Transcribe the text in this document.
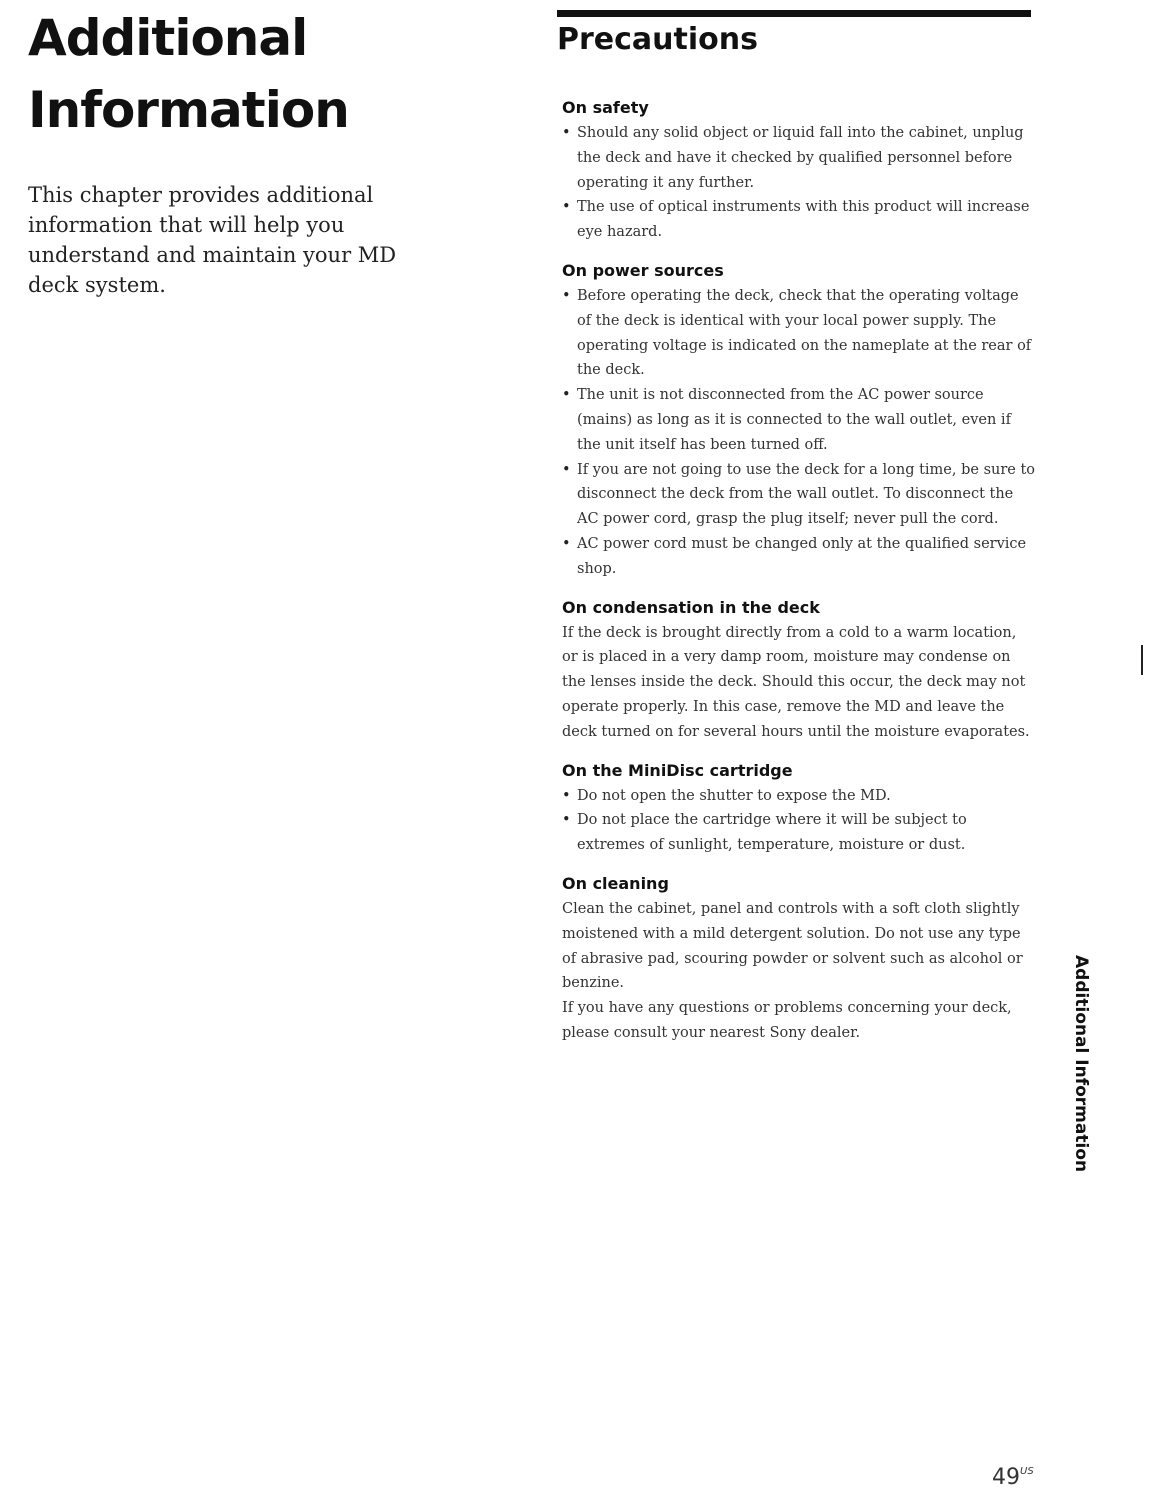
Additional
Information

This chapter provides additional information that will help you understand and maintain your MD deck system.

Precautions
On safety
• Should any solid object or liquid fall into the cabinet, unplug the deck and have it checked by qualified personnel before operating it any further.
• The use of optical instruments with this product will increase eye hazard.
On power sources
• Before operating the deck, check that the operating voltage of the deck is identical with your local power supply. The operating voltage is indicated on the nameplate at the rear of the deck.
• The unit is not disconnected from the AC power source (mains) as long as it is connected to the wall outlet, even if the unit itself has been turned off.
• If you are not going to use the deck for a long time, be sure to disconnect the deck from the wall outlet. To disconnect the AC power cord, grasp the plug itself; never pull the cord.
• AC power cord must be changed only at the qualified service shop.
On condensation in the deck

If the deck is brought directly from a cold to a warm location, or is placed in a very damp room, moisture may condense on the lenses inside the deck. Should this occur, the deck may not operate properly. In this case, remove the MD and leave the deck turned on for several hours until the moisture evaporates.

On the MiniDisc cartridge
• Do not open the shutter to expose the MD.
• Do not place the cartridge where it will be subject to extremes of sunlight, temperature, moisture or dust.
On cleaning

Clean the cabinet, panel and controls with a soft cloth slightly moistened with a mild detergent solution. Do not use any type of abrasive pad, scouring powder or solvent such as alcohol or benzine.

If you have any questions or problems concerning your deck, please consult your nearest Sony dealer.	Additional Information
$49^{US}$
